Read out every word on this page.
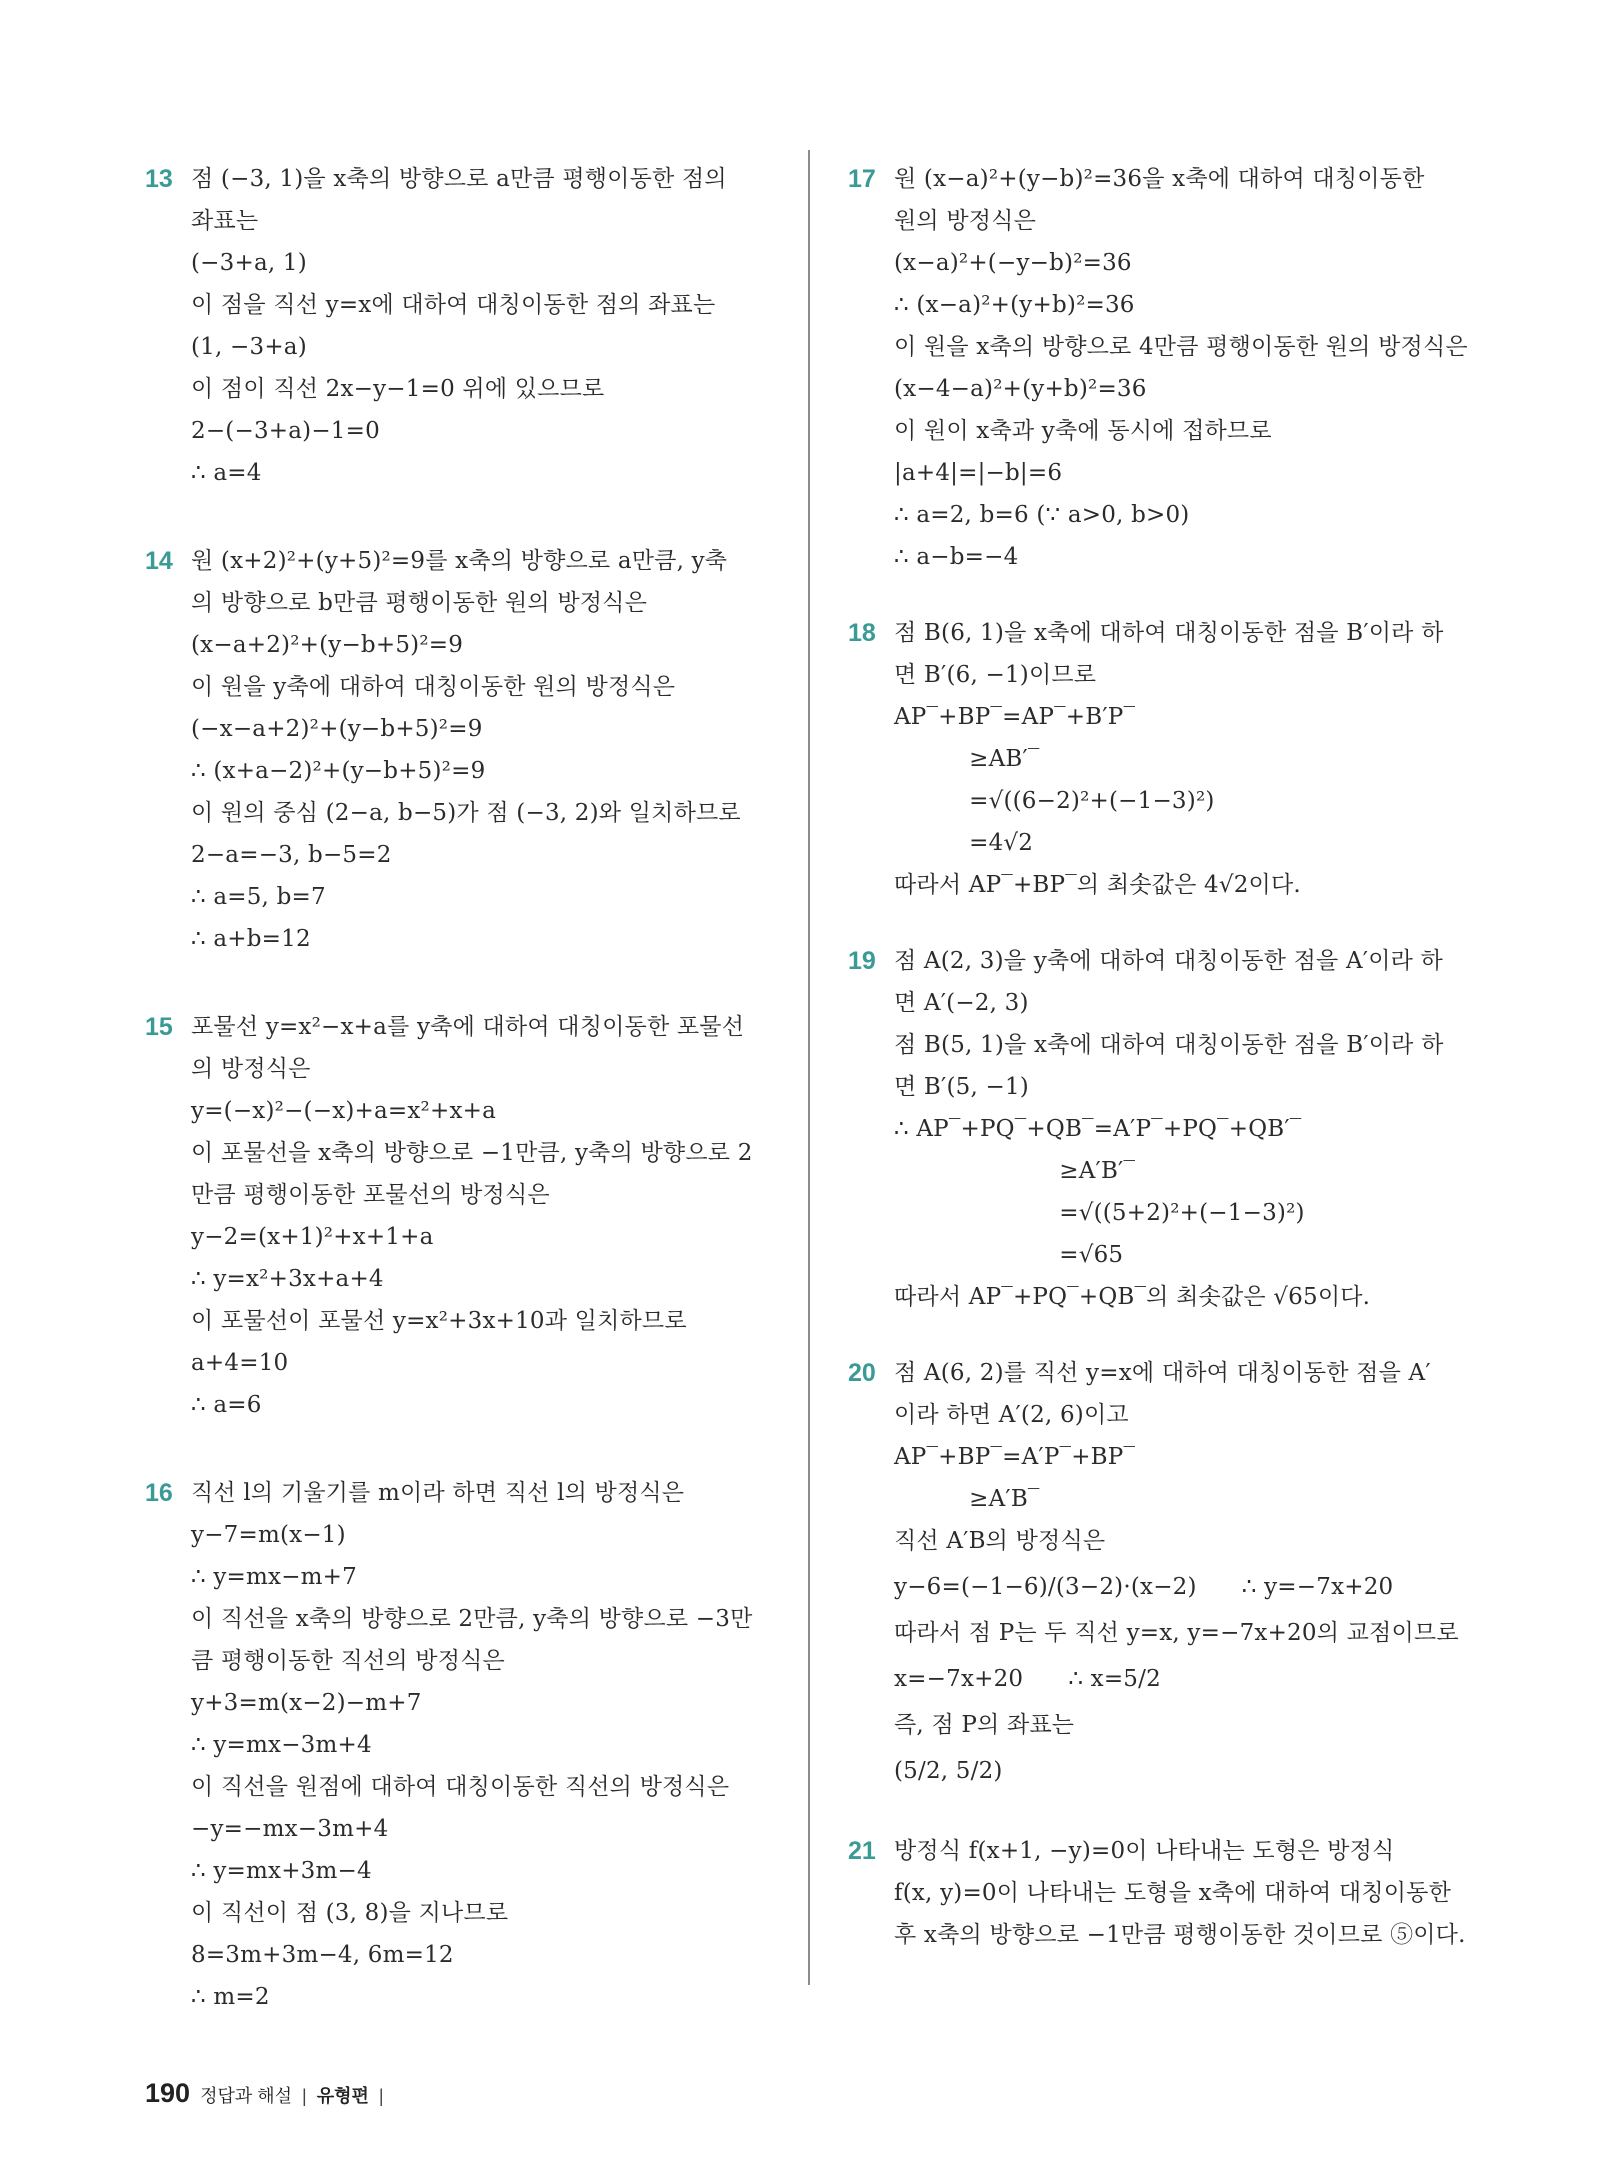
13 점 (−3, 1)을 x축의 방향으로 a만큼 평행이동한 점의
좌표는
(−3+a, 1)
이 점을 직선 y=x에 대하여 대칭이동한 점의 좌표는
(1, −3+a)
이 점이 직선 2x−y−1=0 위에 있으므로
2−(−3+a)−1=0
∴ a=4
14 원 (x+2)²+(y+5)²=9를 x축의 방향으로 a만큼, y축
의 방향으로 b만큼 평행이동한 원의 방정식은
(x−a+2)²+(y−b+5)²=9
이 원을 y축에 대하여 대칭이동한 원의 방정식은
(−x−a+2)²+(y−b+5)²=9
∴ (x+a−2)²+(y−b+5)²=9
이 원의 중심 (2−a, b−5)가 점 (−3, 2)와 일치하므로
2−a=−3, b−5=2
∴ a=5, b=7
∴ a+b=12
15 포물선 y=x²−x+a를 y축에 대하여 대칭이동한 포물선
의 방정식은
y=(−x)²−(−x)+a=x²+x+a
이 포물선을 x축의 방향으로 −1만큼, y축의 방향으로 2
만큼 평행이동한 포물선의 방정식은
y−2=(x+1)²+x+1+a
∴ y=x²+3x+a+4
이 포물선이 포물선 y=x²+3x+10과 일치하므로
a+4=10
∴ a=6
16 직선 l의 기울기를 m이라 하면 직선 l의 방정식은
y−7=m(x−1)
∴ y=mx−m+7
이 직선을 x축의 방향으로 2만큼, y축의 방향으로 −3만
큼 평행이동한 직선의 방정식은
y+3=m(x−2)−m+7
∴ y=mx−3m+4
이 직선을 원점에 대하여 대칭이동한 직선의 방정식은
−y=−mx−3m+4
∴ y=mx+3m−4
이 직선이 점 (3, 8)을 지나므로
8=3m+3m−4, 6m=12
∴ m=2
17 원 (x−a)²+(y−b)²=36을 x축에 대하여 대칭이동한
원의 방정식은
(x−a)²+(−y−b)²=36
∴ (x−a)²+(y+b)²=36
이 원을 x축의 방향으로 4만큼 평행이동한 원의 방정식은
(x−4−a)²+(y+b)²=36
이 원이 x축과 y축에 동시에 접하므로
|a+4|=|−b|=6
∴ a=2, b=6 (∵ a>0, b>0)
∴ a−b=−4
18 점 B(6, 1)을 x축에 대하여 대칭이동한 점을 B′이라 하
면 B′(6, −1)이므로
AP‾+BP‾=AP‾+B′P‾
≥AB′‾
=√((6−2)²+(−1−3)²)
=4√2
따라서 AP‾+BP‾의 최솟값은 4√2이다.
19 점 A(2, 3)을 y축에 대하여 대칭이동한 점을 A′이라 하
면 A′(−2, 3)
점 B(5, 1)을 x축에 대하여 대칭이동한 점을 B′이라 하
면 B′(5, −1)
∴ AP‾+PQ‾+QB‾=A′P‾+PQ‾+QB′‾
≥A′B′‾
=√((5+2)²+(−1−3)²)
=√65
따라서 AP‾+PQ‾+QB‾의 최솟값은 √65이다.
20 점 A(6, 2)를 직선 y=x에 대하여 대칭이동한 점을 A′
이라 하면 A′(2, 6)이고
AP‾+BP‾=A′P‾+BP‾
≥A′B‾
직선 A′B의 방정식은
y−6=(−1−6)/(3−2)·(x−2)      ∴ y=−7x+20
따라서 점 P는 두 직선 y=x, y=−7x+20의 교점이므로
x=−7x+20      ∴ x=5/2
즉, 점 P의 좌표는
(5/2, 5/2)
21 방정식 f(x+1, −y)=0이 나타내는 도형은 방정식
f(x, y)=0이 나타내는 도형을 x축에 대하여 대칭이동한
후 x축의 방향으로 −1만큼 평행이동한 것이므로 ⑤이다.
190 정답과 해설 | 유형편 |
